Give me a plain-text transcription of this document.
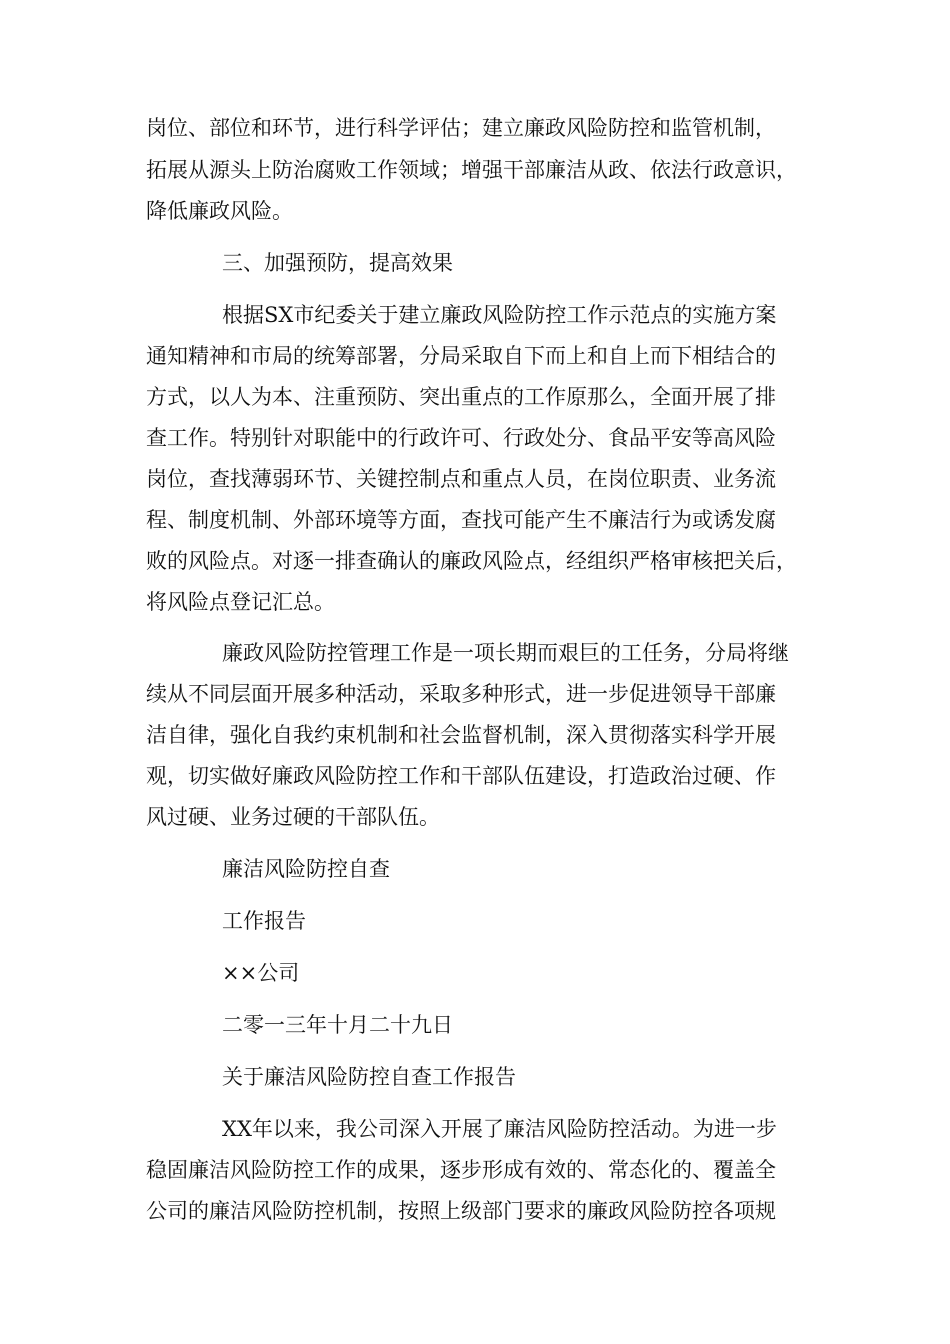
岗位、部位和环节，进行科学评估；建立廉政风险防控和监管机制，
拓展从源头上防治腐败工作领域；增强干部廉洁从政、依法行政意识，
降低廉政风险。
三、加强预防，提高效果
根据SX市纪委关于建立廉政风险防控工作示范点的实施方案
通知精神和市局的统筹部署，分局采取自下而上和自上而下相结合的
方式，以人为本、注重预防、突出重点的工作原那么，全面开展了排
查工作。特别针对职能中的行政许可、行政处分、食品平安等高风险
岗位，查找薄弱环节、关键控制点和重点人员，在岗位职责、业务流
程、制度机制、外部环境等方面，查找可能产生不廉洁行为或诱发腐
败的风险点。对逐一排查确认的廉政风险点，经组织严格审核把关后，
将风险点登记汇总。
廉政风险防控管理工作是一项长期而艰巨的工任务，分局将继
续从不同层面开展多种活动，采取多种形式，进一步促进领导干部廉
洁自律，强化自我约束机制和社会监督机制，深入贯彻落实科学开展
观，切实做好廉政风险防控工作和干部队伍建设，打造政治过硬、作
风过硬、业务过硬的干部队伍。
廉洁风险防控自查
工作报告
××公司
二零一三年十月二十九日
关于廉洁风险防控自查工作报告
XX年以来，我公司深入开展了廉洁风险防控活动。为进一步
稳固廉洁风险防控工作的成果，逐步形成有效的、常态化的、覆盖全
公司的廉洁风险防控机制，按照上级部门要求的廉政风险防控各项规
